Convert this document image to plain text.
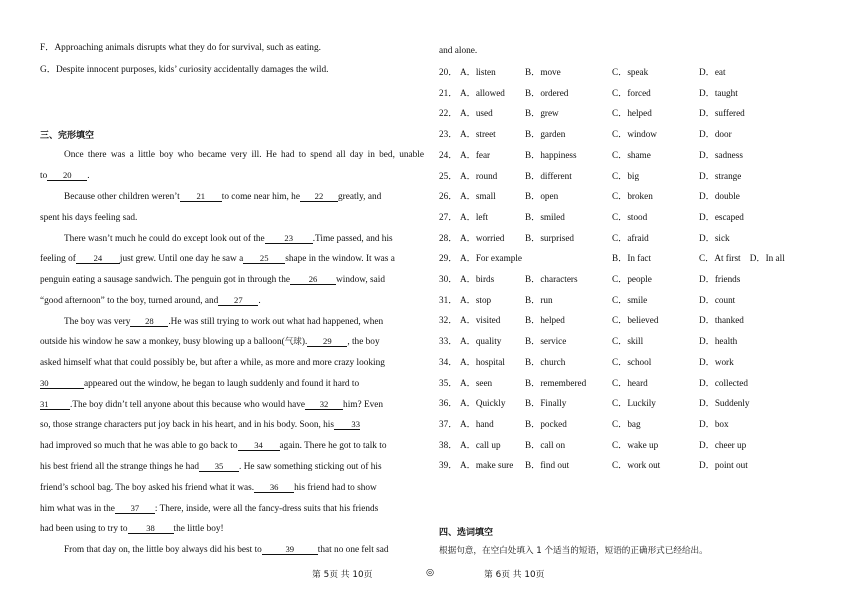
F．Approaching animals disrupts what they do for survival, such as eating.
G．Despite innocent purposes, kids’ curiosity accidentally damages the wild.
三、完形填空
Once there was a little boy who became very ill. He had to spend all day in bed, unable
to 20 .
Because other children weren’t 21 to come near him, he 22 greatly, and
spent his days feeling sad.
There wasn’t much he could do except look out of the 23 .Time passed, and his
feeling of 24 just grew. Until one day he saw a 25 shape in the window. It was a
penguin eating a sausage sandwich. The penguin got in through the 26 window, said
“good afternoon” to the boy, turned around, and 27 .
The boy was very 28 .He was still trying to work out what had happened, when
outside his window he saw a monkey, busy blowing up a balloon(气球). 29 , the boy
asked himself what that could possibly be, but after a while, as more and more crazy looking
30	appeared out the window, he began to laugh suddenly and found it hard to
31 .The boy didn’t tell anyone about this because who would have 32 him? Even
so, those strange characters put joy back in his heart, and in his body. Soon, his 33
had improved so much that he was able to go back to 34 again. There he got to talk to
his best friend all the strange things he had 35 . He saw something sticking out of his
friend’s school bag. The boy asked his friend what it was. 36 his friend had to show
him what was in the 37 : There, inside, were all the fancy-dress suits that his friends
had been using to try to 38 the little boy!
From that day on, the little boy always did his best to	39	that no one felt sad
and alone.
20． A．listen	B．move	C．speak	D．eat
21． A．allowed B．ordered	C．forced	D．taught
22． A．used	B．grew	C．helped	D．suffered
23． A．street	B．garden	C．window	D．door
24． A．fear	B．happiness	C．shame	D．sadness
25． A．round	B．different	C．big	D．strange
26． A．small	B．open	C．broken	D．double
27． A．left	B．smiled	C．stood	D．escaped
28． A．worried B．surprised	C．afraid	D．sick
29． A．For example	B．In fact	C．At first　D．In all
30． A．birds	B．characters	C．people	D．friends
31． A．stop	B．run	C．smile	D．count
32． A．visited	B．helped	C．believed	D．thanked
33． A．quality	B．service	C．skill	D．health
34． A．hospital B．church	C．school	D．work
35． A．seen	B．remembered	C．heard	D．collected
36． A．Quickly B．Finally	C．Luckily	D．Suddenly
37． A．hand	B．pocked	C．bag	D．box
38． A．call up	B．call on	C．wake up	D．cheer up
39． A．make sure B．find out	C．work out	D．point out
四、选词填空
根据句意，在空白处填入 1 个适当的短语，短语的正确形式已经给出。
第 5页 共 10页	◎	第 6页 共 10页
